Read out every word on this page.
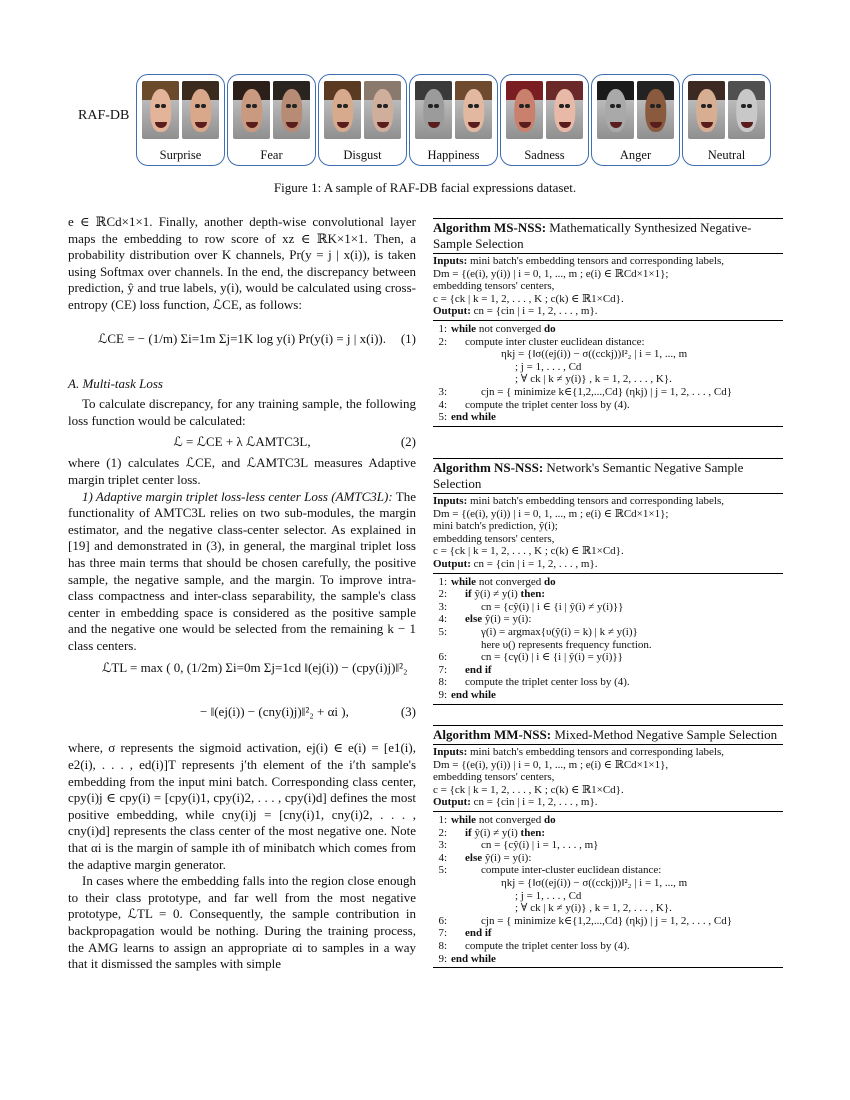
RAF-DB
Surprise	Fear	Disgust	Happiness	Sadness	Anger	Neutral
Figure 1: A sample of RAF-DB facial expressions dataset.

e ∈ ℝCd×1×1. Finally, another depth-wise convolutional layer maps the embedding to row score of xz ∈ ℝK×1×1. Then, a probability distribution over K channels, Pr(y = j | x(i)), is taken using Softmax over channels. In the end, the discrepancy between prediction, ŷ and true labels, y(i), would be calculated using cross-entropy (CE) loss function, ℒCE, as follows:

ℒCE = − (1/m) Σi=1m Σj=1K log y(i) Pr(y(i) = j | x(i)). (1)
A. Multi-task Loss

To calculate discrepancy, for any training sample, the following loss function would be calculated:

ℒ = ℒCE + λ ℒAMTC3L,	(2)

where (1) calculates ℒCE, and ℒAMTC3L measures Adaptive margin triplet center loss.

1) Adaptive margin triplet loss-less center Loss (AMTC3L): The functionality of AMTC3L relies on two sub-modules, the margin estimator, and the negative class-center selector. As explained in [19] and demonstrated in (3), in general, the marginal triplet loss has three main terms that should be chosen carefully, the positive sample, the negative sample, and the margin. To improve intra-class compactness and inter-class separability, the sample's class center in embedding space is considered as the positive sample and the negative one would be selected from the remaining k − 1 class centers.

ℒTL = max ( 0, (1/2m) Σi=0m Σj=1cd ‖(ej(i)) − (cpy(i)j)‖²₂
− ‖(ej(i)) − (cny(i)j)‖²₂ + αi ),	(3)

where, σ represents the sigmoid activation, ej(i) ∈ e(i) = [e1(i), e2(i), . . . , ed(i)]T represents j′th element of the i′th sample's embedding from the input mini batch. Corresponding class center, cpy(i)j ∈ cpy(i) = [cpy(i)1, cpy(i)2, . . . , cpy(i)d] defines the most positive embedding, while cny(i)j = [cny(i)1, cny(i)2, . . . , cny(i)d] represents the class center of the most negative one. Note that αi is the margin of sample ith of minibatch which comes from the adaptive margin generator.

In cases where the embedding falls into the region close enough to their class prototype, and far well from the most negative prototype, ℒTL = 0. Consequently, the sample contribution in backpropagation would be nothing. During the training process, the AMG learns to assign an appropriate αi to samples in a way that it dismissed the samples with simple

Algorithm MS-NSS: Mathematically Synthesized Negative-Sample Selection
Inputs: mini batch's embedding tensors and corresponding labels,
Dm = {(e(i), y(i)) | i = 0, 1, ..., m ; e(i) ∈ ℝCd×1×1};
embedding tensors' centers,
c = {ck | k = 1, 2, . . . , K ; c(k) ∈ ℝ1×Cd}.
Output: cn = {cin | i = 1, 2, . . . , m}.
1: while not converged do
2:	compute inter cluster euclidean distance:
ηkj = {‖σ((ej(i)) − σ((cckj))‖²₂ | i = 1, ..., m
; j = 1, . . . , Cd
; ∀ ck | k ≠ y(i)} , k = 1, 2, . . . , K}.
3:	cjn = { minimize k∈{1,2,...,Cd} (ηkj) | j = 1, 2, . . . , Cd}
4:	compute the triplet center loss by (4).
5: end while
Algorithm NS-NSS: Network's Semantic Negative Sample Selection
Inputs: mini batch's embedding tensors and corresponding labels,
Dm = {(e(i), y(i)) | i = 0, 1, ..., m ; e(i) ∈ ℝCd×1×1};
mini batch's prediction, ŷ(i);
embedding tensors' centers,
c = {ck | k = 1, 2, . . . , K ; c(k) ∈ ℝ1×Cd}.
Output: cn = {cin | i = 1, 2, . . . , m}.
1: while not converged do
2:	if ŷ(i) ≠ y(i) then:
3:	cn = {cŷ(i) | i ∈ {i | ŷ(i) ≠ y(i)}}
4:	else ŷ(i) = y(i):
5:	γ(i) = argmax{υ(ŷ(i) = k) | k ≠ y(i)}
here υ() represents frequency function.
6:	cn = {cγ(i) | i ∈ {i | ŷ(i) = y(i)}}
7:	end if
8:	compute the triplet center loss by (4).
9: end while
Algorithm MM-NSS: Mixed-Method Negative Sample Selection
Inputs: mini batch's embedding tensors and corresponding labels,
Dm = {(e(i), y(i)) | i = 0, 1, ..., m ; e(i) ∈ ℝCd×1×1},
embedding tensors' centers,
c = {ck | k = 1, 2, . . . , K ; c(k) ∈ ℝ1×Cd}.
Output: cn = {cin | i = 1, 2, . . . , m}.
1: while not converged do
2:	if ŷ(i) ≠ y(i) then:
3:	cn = {cŷ(i) | i = 1, . . . , m}
4:	else ŷ(i) = y(i):
5:	compute inter-cluster euclidean distance:
ηkj = {‖σ((ej(i)) − σ((cckj))‖²₂ | i = 1, ..., m
; j = 1, . . . , Cd
; ∀ ck | k ≠ y(i)} , k = 1, 2, . . . , K}.
6:	cjn = { minimize k∈{1,2,...,Cd} (ηkj) | j = 1, 2, . . . , Cd}
7:	end if
8:	compute the triplet center loss by (4).
9: end while
